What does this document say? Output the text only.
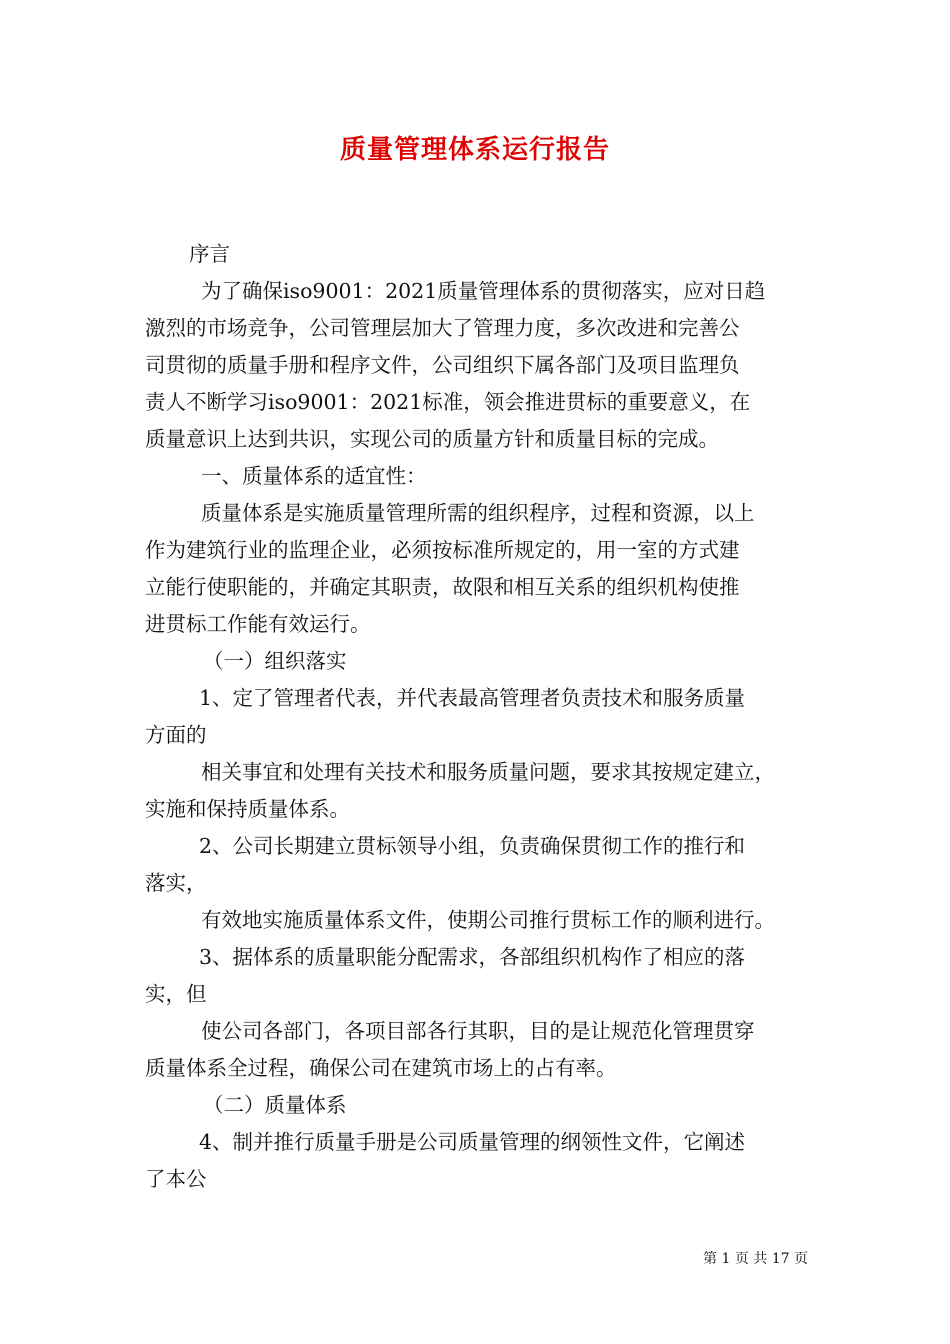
质量管理体系运行报告

序言

为了确保iso9001：2021质量管理体系的贯彻落实，应对日趋

激烈的市场竞争，公司管理层加大了管理力度，多次改进和完善公

司贯彻的质量手册和程序文件，公司组织下属各部门及项目监理负

责人不断学习iso9001：2021标准，领会推进贯标的重要意义，在

质量意识上达到共识，实现公司的质量方针和质量目标的完成。

一、质量体系的适宜性：

质量体系是实施质量管理所需的组织程序，过程和资源，以上

作为建筑行业的监理企业，必须按标准所规定的，用一室的方式建

立能行使职能的，并确定其职责，故限和相互关系的组织机构使推

进贯标工作能有效运行。

（一）组织落实

1、定了管理者代表，并代表最高管理者负责技术和服务质量

方面的

相关事宜和处理有关技术和服务质量问题，要求其按规定建立，

实施和保持质量体系。

2、公司长期建立贯标领导小组，负责确保贯彻工作的推行和

落实，

有效地实施质量体系文件，使期公司推行贯标工作的顺利进行。

3、据体系的质量职能分配需求，各部组织机构作了相应的落

实，但

使公司各部门，各项目部各行其职，目的是让规范化管理贯穿

质量体系全过程，确保公司在建筑市场上的占有率。

（二）质量体系

4、制并推行质量手册是公司质量管理的纲领性文件，它阐述

了本公

第 1 页 共 17 页
